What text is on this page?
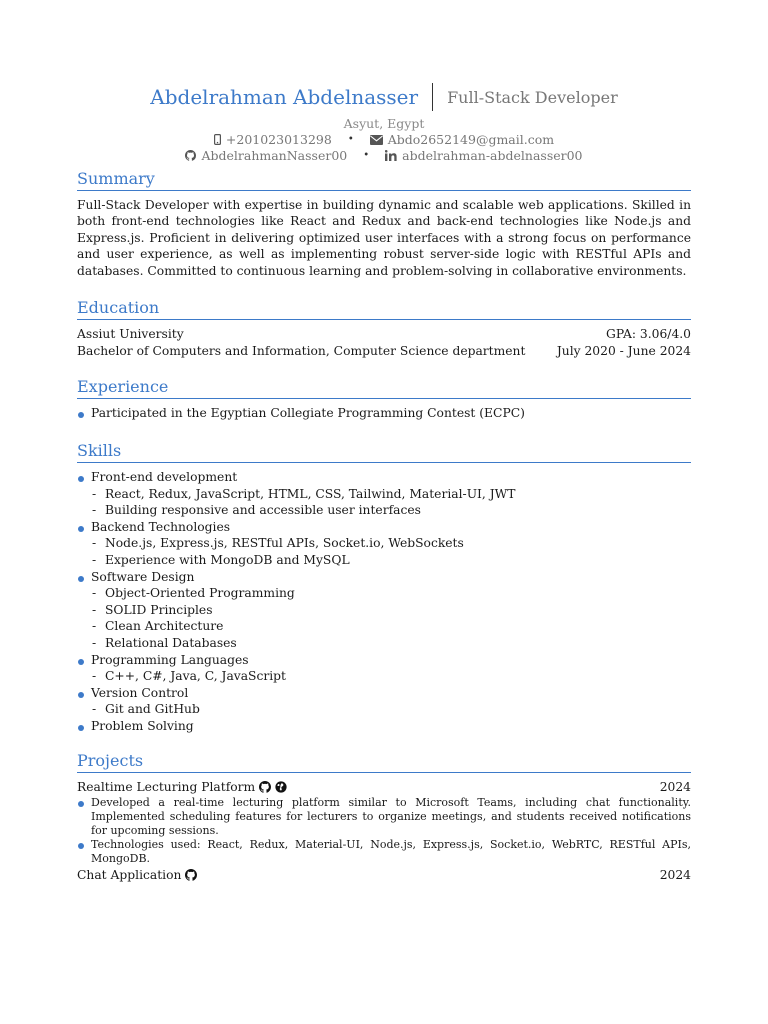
Abdelrahman Abdelnasser Full-Stack Developer
Asyut, Egypt
+201023013298 •	Abdo2652149@gmail.com
AbdelrahmanNasser00 •	abdelrahman-abdelnasser00
Summary
Full-Stack Developer with expertise in building dynamic and scalable web applications. Skilled in both front-end technologies like React and Redux and back-end technologies like Node.js and Express.js. Proficient in delivering optimized user interfaces with a strong focus on performance and user experience, as well as implementing robust server-side logic with RESTful APIs and databases. Committed to continuous learning and problem-solving in collaborative environments.
Education
Assiut University	GPA: 3.06/4.0
Bachelor of Computers and Information, Computer Science department	July 2020 - June 2024
Experience
Participated in the Egyptian Collegiate Programming Contest (ECPC)
Skills
Front-end development
- React, Redux, JavaScript, HTML, CSS, Tailwind, Material-UI, JWT
- Building responsive and accessible user interfaces
Backend Technologies
- Node.js, Express.js, RESTful APIs, Socket.io, WebSockets
- Experience with MongoDB and MySQL
Software Design
- Object-Oriented Programming
- SOLID Principles
- Clean Architecture
- Relational Databases
Programming Languages
- C++, C#, Java, C, JavaScript
Version Control
- Git and GitHub
Problem Solving
Projects
Realtime Lecturing Platform	2024
Developed a real-time lecturing platform similar to Microsoft Teams, including chat functionality. Implemented scheduling features for lecturers to organize meetings, and students received notifications for upcoming sessions.
Technologies used: React, Redux, Material-UI, Node.js, Express.js, Socket.io, WebRTC, RESTful APIs, MongoDB.
Chat Application	2024
